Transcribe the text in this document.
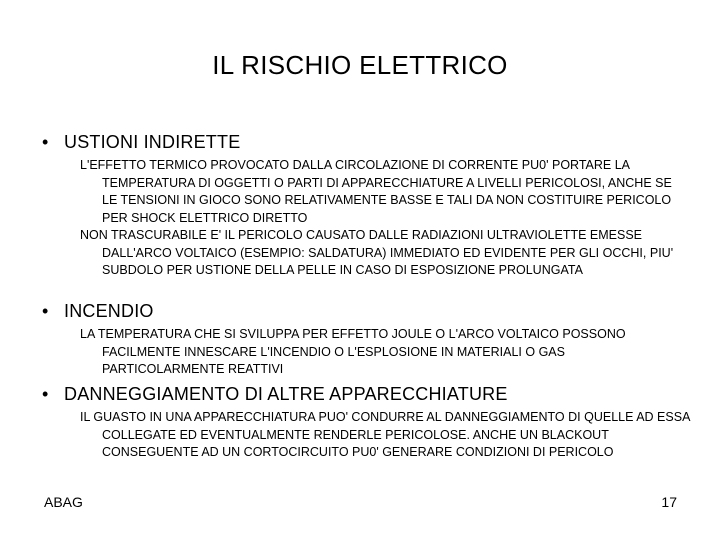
IL RISCHIO ELETTRICO
• USTIONI INDIRETTE

L'EFFETTO TERMICO PROVOCATO DALLA CIRCOLAZIONE DI CORRENTE PU0' PORTARE LA TEMPERATURA DI OGGETTI O PARTI DI APPARECCHIATURE A LIVELLI PERICOLOSI, ANCHE SE LE TENSIONI IN GIOCO SONO RELATIVAMENTE BASSE E TALI DA NON COSTITUIRE PERICOLO PER SHOCK ELETTRICO DIRETTO

NON TRASCURABILE E' IL PERICOLO CAUSATO DALLE RADIAZIONI ULTRAVIOLETTE EMESSE DALL'ARCO VOLTAICO (ESEMPIO: SALDATURA) IMMEDIATO ED EVIDENTE PER GLI OCCHI, PIU' SUBDOLO PER USTIONE DELLA PELLE IN CASO DI ESPOSIZIONE PROLUNGATA

• INCENDIO

LA TEMPERATURA CHE SI SVILUPPA PER EFFETTO JOULE O L'ARCO VOLTAICO POSSONO FACILMENTE INNESCARE L'INCENDIO O L'ESPLOSIONE IN MATERIALI O GAS PARTICOLARMENTE REATTIVI

• DANNEGGIAMENTO DI ALTRE APPARECCHIATURE

IL GUASTO IN UNA APPARECCHIATURA PUO' CONDURRE AL DANNEGGIAMENTO DI QUELLE AD ESSA COLLEGATE ED EVENTUALMENTE RENDERLE PERICOLOSE. ANCHE UN BLACKOUT CONSEGUENTE AD UN CORTOCIRCUITO PU0' GENERARE CONDIZIONI DI PERICOLO

ABAG	17
